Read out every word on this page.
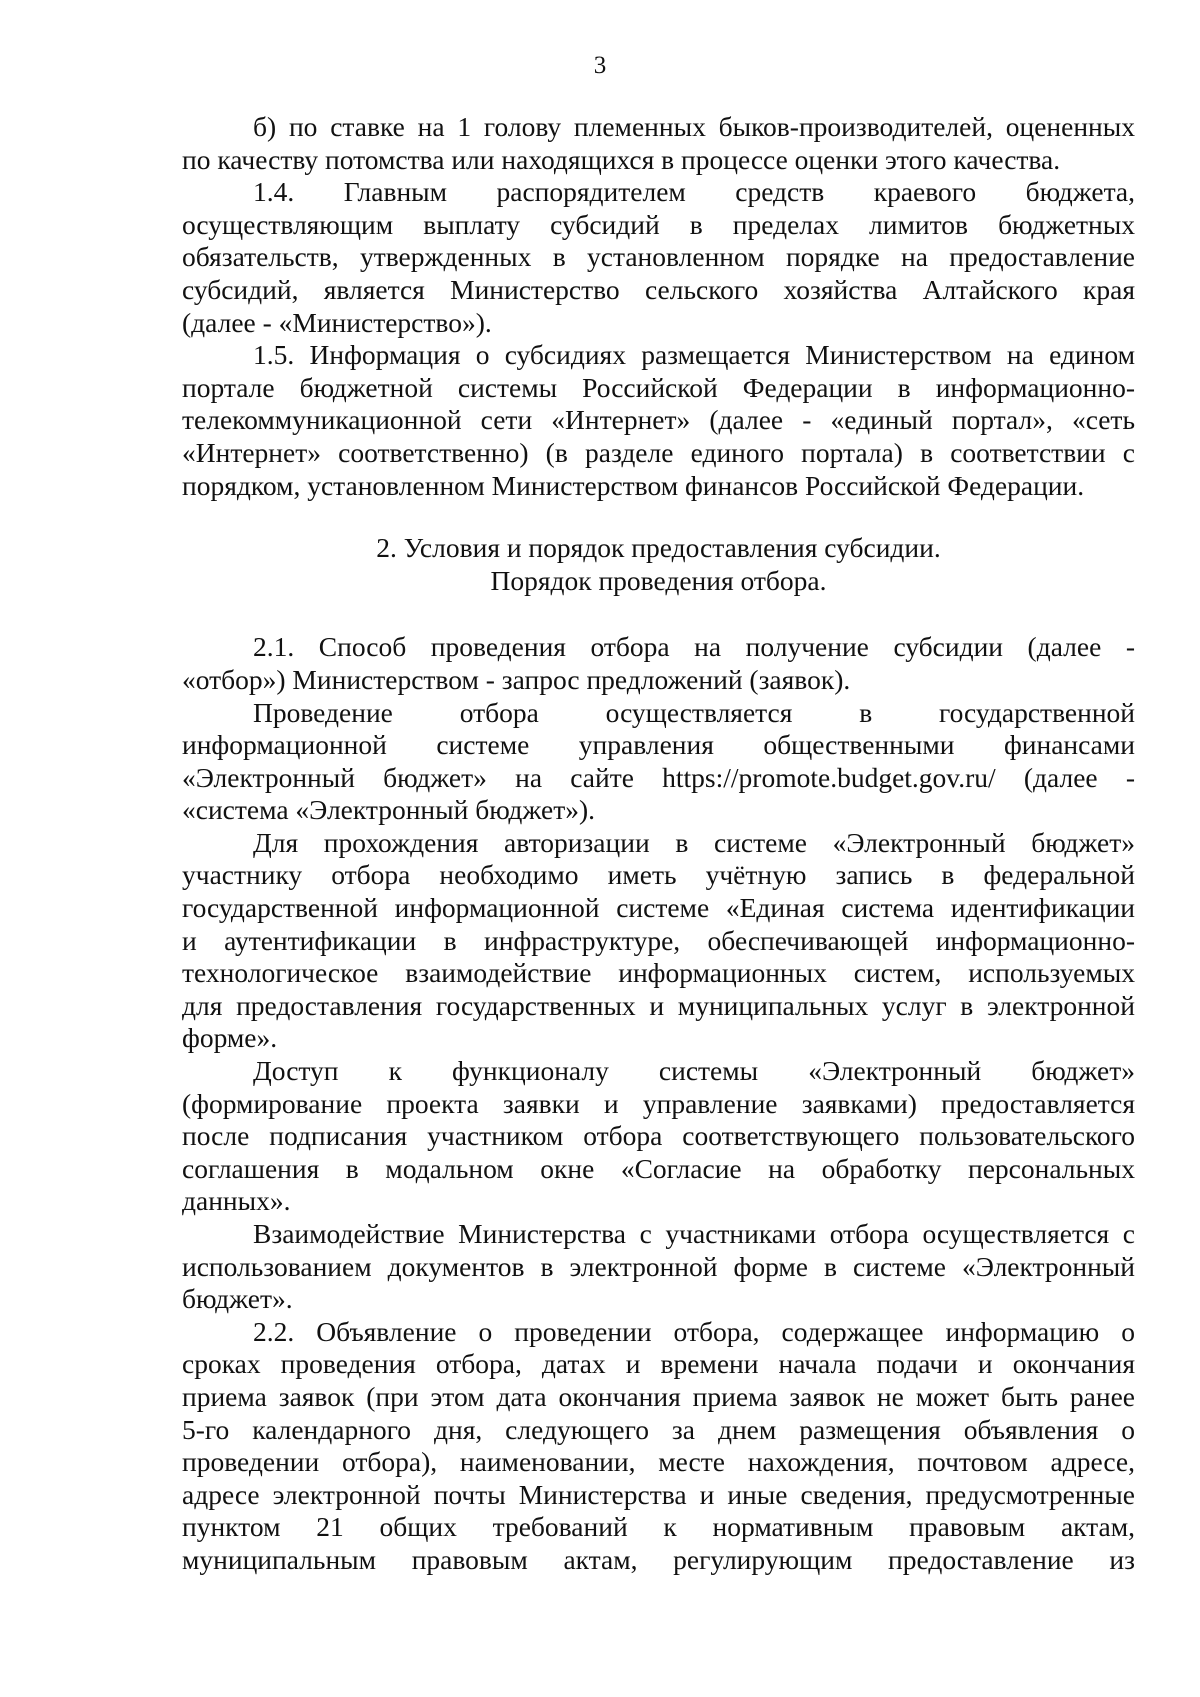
3
б) по ставке на 1 голову племенных быков-производителей, оцененных
по качеству потомства или находящихся в процессе оценки этого качества.
1.4. Главным распорядителем средств краевого бюджета,
осуществляющим выплату субсидий в пределах лимитов бюджетных
обязательств, утвержденных в установленном порядке на предоставление
субсидий, является Министерство сельского хозяйства Алтайского края
(далее - «Министерство»).
1.5. Информация о субсидиях размещается Министерством на едином
портале бюджетной системы Российской Федерации в информационно-
телекоммуникационной сети «Интернет» (далее - «единый портал», «сеть
«Интернет» соответственно) (в разделе единого портала) в соответствии с
порядком, установленном Министерством финансов Российской Федерации.
2. Условия и порядок предоставления субсидии.
Порядок проведения отбора.
2.1. Способ проведения отбора на получение субсидии (далее -
«отбор») Министерством - запрос предложений (заявок).
Проведение отбора осуществляется в государственной
информационной системе управления общественными финансами
«Электронный бюджет» на сайте https://promote.budget.gov.ru/ (далее -
«система «Электронный бюджет»).
Для прохождения авторизации в системе «Электронный бюджет»
участнику отбора необходимо иметь учётную запись в федеральной
государственной информационной системе «Единая система идентификации
и аутентификации в инфраструктуре, обеспечивающей информационно-
технологическое взаимодействие информационных систем, используемых
для предоставления государственных и муниципальных услуг в электронной
форме».
Доступ к функционалу системы «Электронный бюджет»
(формирование проекта заявки и управление заявками) предоставляется
после подписания участником отбора соответствующего пользовательского
соглашения в модальном окне «Согласие на обработку персональных
данных».
Взаимодействие Министерства с участниками отбора осуществляется с
использованием документов в электронной форме в системе «Электронный
бюджет».
2.2. Объявление о проведении отбора, содержащее информацию о
сроках проведения отбора, датах и времени начала подачи и окончания
приема заявок (при этом дата окончания приема заявок не может быть ранее
5-го календарного дня, следующего за днем размещения объявления о
проведении отбора), наименовании, месте нахождения, почтовом адресе,
адресе электронной почты Министерства и иные сведения, предусмотренные
пунктом 21 общих требований к нормативным правовым актам,
муниципальным правовым актам, регулирующим предоставление из
